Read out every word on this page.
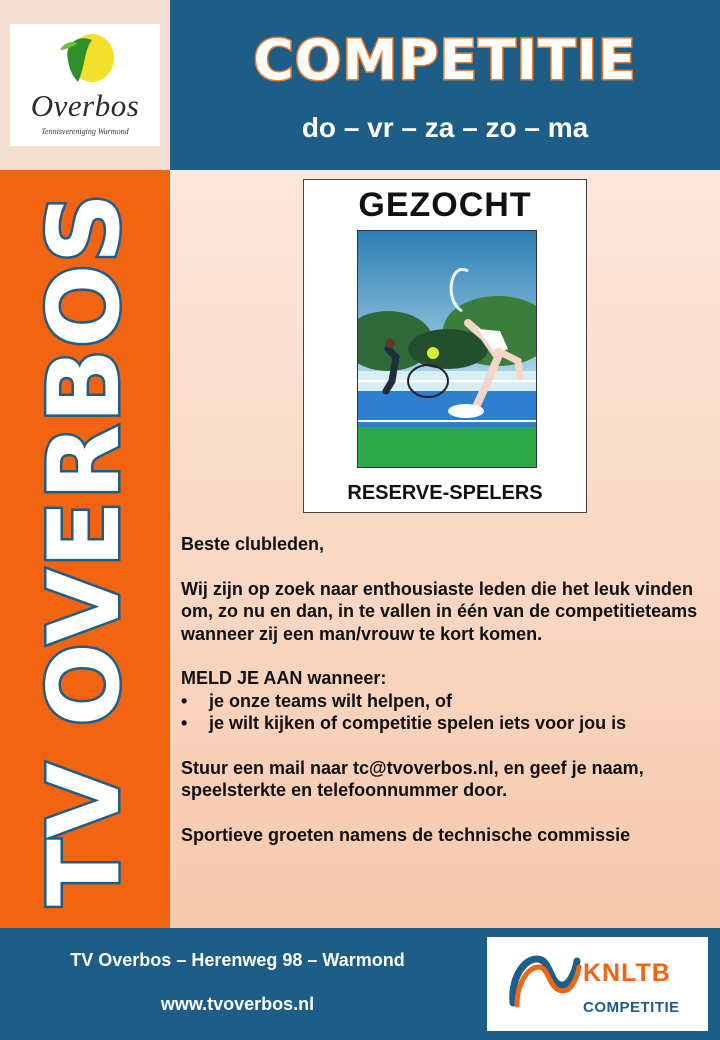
Overbos
Tennisvereniging Warmond
COMPETITIE
do – vr – za – zo – ma
TV OVERBOS	GEZOCHT
RESERVE-SPELERS

Beste clubleden,

Wij zijn op zoek naar enthousiaste leden die het leuk vinden om, zo nu en dan, in te vallen in één van de competitieteams wanneer zij een man/vrouw te kort komen.

MELD JE AAN wanneer:

•	je onze teams wilt helpen, of
•	je wilt kijken of competitie spelen iets voor jou is

Stuur een mail naar tc@tvoverbos.nl, en geef je naam, speelsterkte en telefoonnummer door.

Sportieve groeten namens de technische commissie

TV Overbos – Herenweg 98 – Warmond
www.tvoverbos.nl
KNLTB
COMPETITIE
